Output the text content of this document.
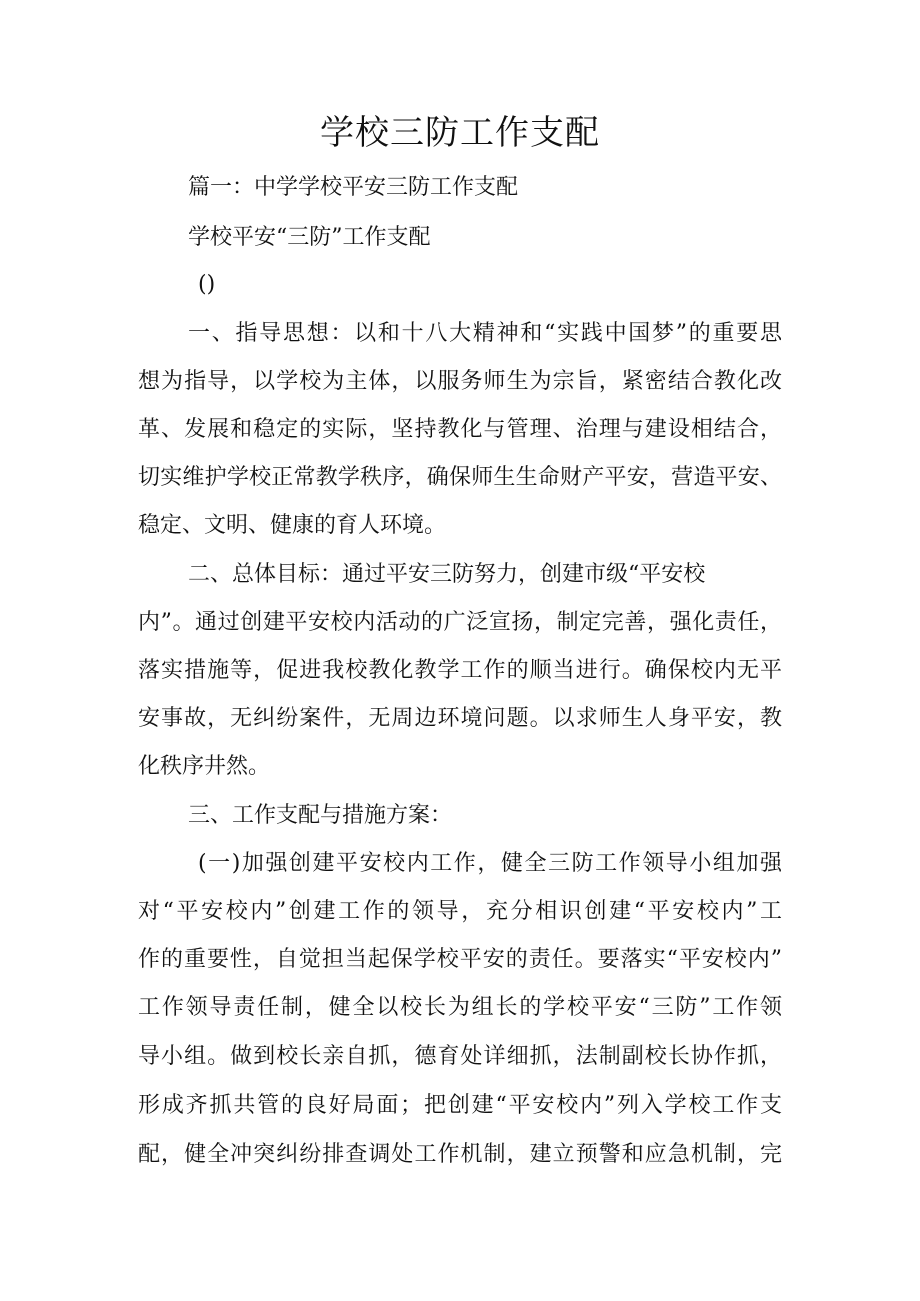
学校三防工作支配
篇一：中学学校平安三防工作支配
学校平安“三防”工作支配
()
一、指导思想：以和十八大精神和“实践中国梦”的重要思
想为指导，以学校为主体，以服务师生为宗旨，紧密结合教化改
革、发展和稳定的实际，坚持教化与管理、治理与建设相结合，
切实维护学校正常教学秩序，确保师生生命财产平安，营造平安、
稳定、文明、健康的育人环境。
二、总体目标：通过平安三防努力，创建市级“平安校
内”。通过创建平安校内活动的广泛宣扬，制定完善，强化责任，
落实措施等，促进我校教化教学工作的顺当进行。确保校内无平
安事故，无纠纷案件，无周边环境问题。以求师生人身平安，教
化秩序井然。
三、工作支配与措施方案：
(一)加强创建平安校内工作，健全三防工作领导小组加强
对“平安校内”创建工作的领导，充分相识创建“平安校内”工
作的重要性，自觉担当起保学校平安的责任。要落实“平安校内”
工作领导责任制，健全以校长为组长的学校平安“三防”工作领
导小组。做到校长亲自抓，德育处详细抓，法制副校长协作抓，
形成齐抓共管的良好局面；把创建“平安校内”列入学校工作支
配，健全冲突纠纷排查调处工作机制，建立预警和应急机制，完
